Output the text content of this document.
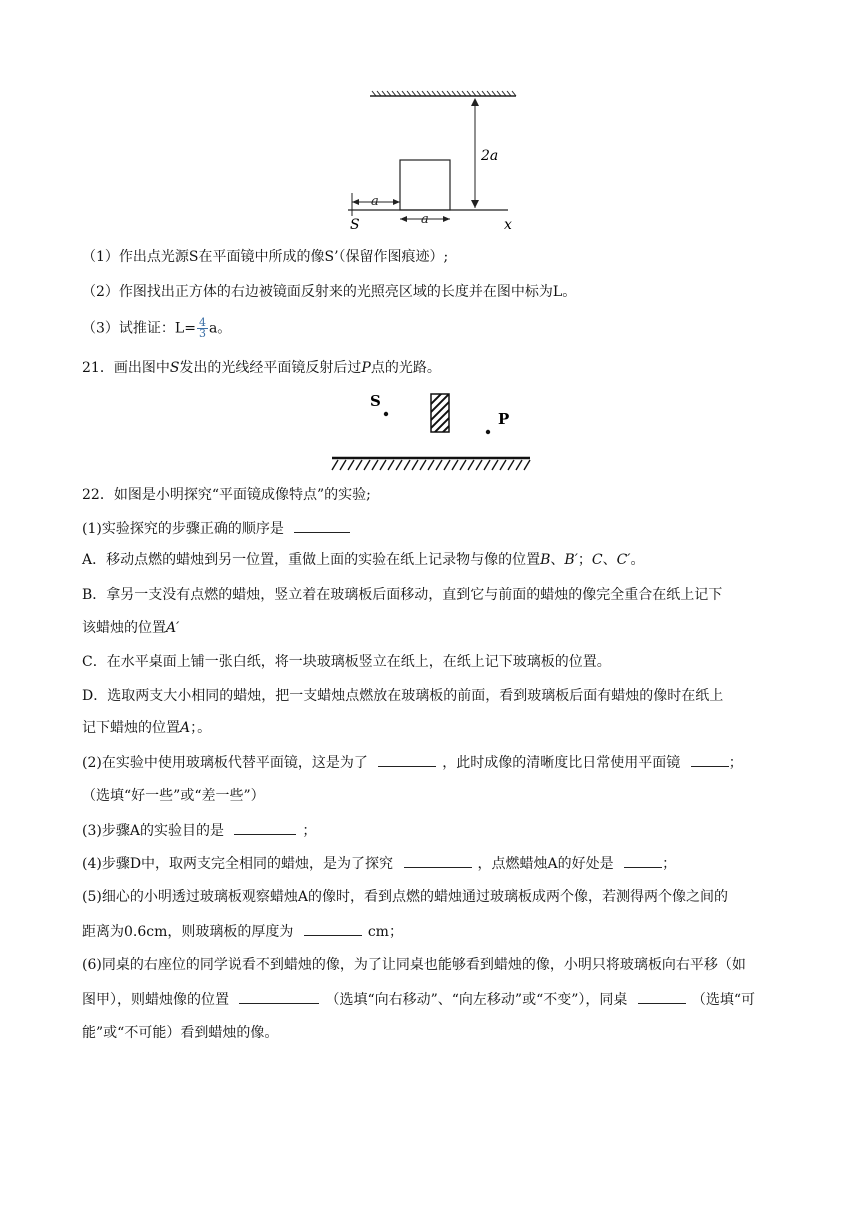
2a
a
a
S	x
（1）作出点光源S在平面镜中所成的像S’（保留作图痕迹）;
（2）作图找出正方体的右边被镜面反射来的光照亮区域的长度并在图中标为L。
（3）试推证：$L= \frac{4}{3}$ a。
21．画出图中S发出的光线经平面镜反射后过P点的光路。
S
P
22．如图是小明探究“平面镜成像特点”的实验;
(1)实验探究的步骤正确的顺序是
A．移动点燃的蜡烛到另一位置，重做上面的实验在纸上记录物与像的位置B、B′；C、C′。
B．拿另一支没有点燃的蜡烛，竖立着在玻璃板后面移动，直到它与前面的蜡烛的像完全重合在纸上记下
该蜡烛的位置A′
C．在水平桌面上铺一张白纸，将一块玻璃板竖立在纸上，在纸上记下玻璃板的位置。
D．选取两支大小相同的蜡烛，把一支蜡烛点燃放在玻璃板的前面，看到玻璃板后面有蜡烛的像时在纸上
记下蜡烛的位置A；。
(2)在实验中使用玻璃板代替平面镜，这是为了	，此时成像的清晰度比日常使用平面镜	；
（选填“好一些”或“差一些”）
(3)步骤A的实验目的是	；
(4)步骤D中，取两支完全相同的蜡烛，是为了探究	，点燃蜡烛A的好处是	；
(5)细心的小明透过玻璃板观察蜡烛A的像时，看到点燃的蜡烛通过玻璃板成两个像，若测得两个像之间的
距离为0.6cm，则玻璃板的厚度为	cm；
(6)同桌的右座位的同学说看不到蜡烛的像，为了让同桌也能够看到蜡烛的像，小明只将玻璃板向右平移（如
图甲），则蜡烛像的位置	（选填“向右移动”、“向左移动”或“不变”），同桌	（选填“可
能”或“不可能）看到蜡烛的像。
